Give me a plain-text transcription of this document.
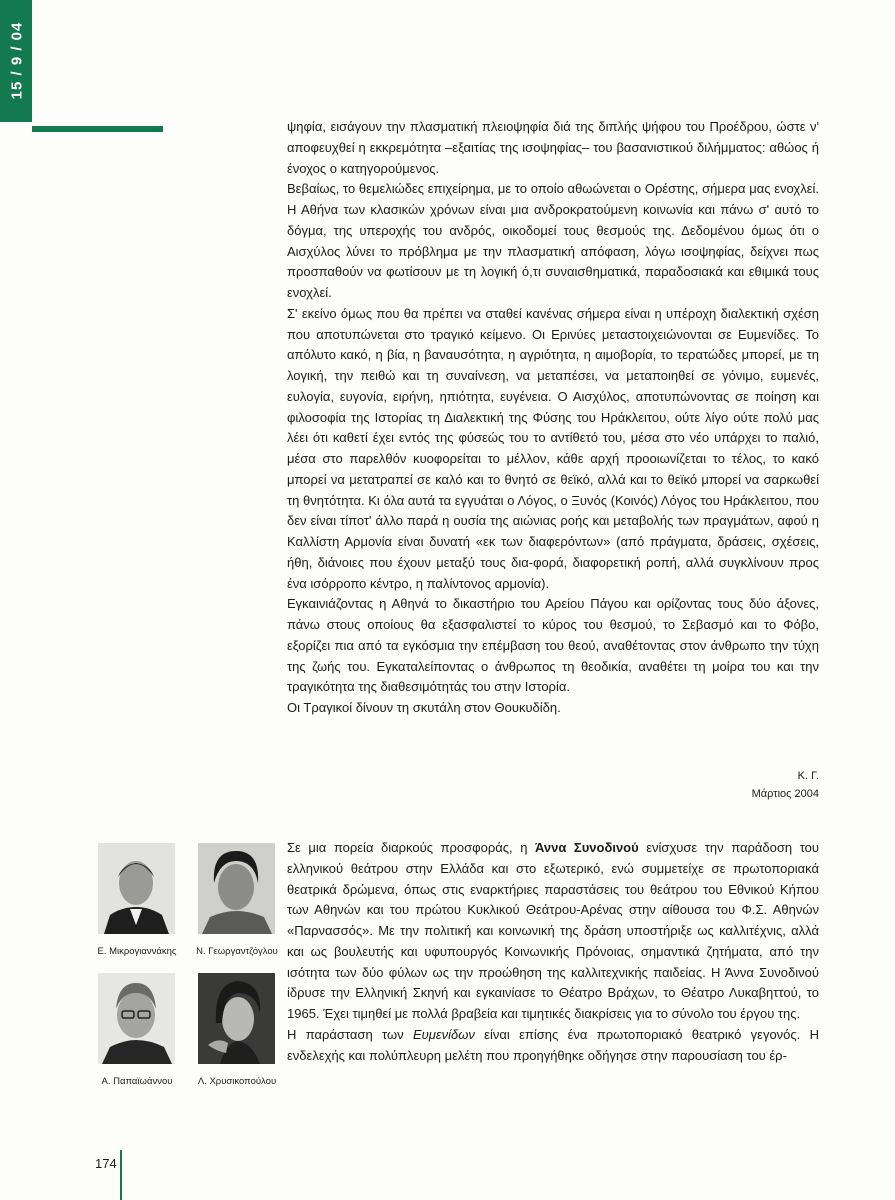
15 / 9 / 04

ψηφία, εισάγουν την πλασματική πλειοψηφία διά της διπλής ψήφου του Προέδρου, ώστε ν' αποφευχθεί η εκκρεμότητα –εξαιτίας της ισοψηφίας– του βασανιστικού διλήμματος: αθώος ή ένοχος ο κατηγορούμενος.

Βεβαίως, το θεμελιώδες επιχείρημα, με το οποίο αθωώνεται ο Ορέστης, σήμερα μας ενοχλεί. Η Αθήνα των κλασικών χρόνων είναι μια ανδροκρατούμενη κοινωνία και πάνω σ' αυτό το δόγμα, της υπεροχής του ανδρός, οικοδομεί τους θεσμούς της. Δεδομένου όμως ότι ο Αισχύλος λύνει το πρόβλημα με την πλασματική απόφαση, λόγω ισοψηφίας, δείχνει πως προσπαθούν να φωτίσουν με τη λογική ό,τι συναισθηματικά, παραδοσιακά και εθιμικά τους ενοχλεί.

Σ' εκείνο όμως που θα πρέπει να σταθεί κανένας σήμερα είναι η υπέροχη διαλεκτική σχέση που αποτυπώνεται στο τραγικό κείμενο. Οι Ερινύες μεταστοιχειώνονται σε Ευμενίδες. Το απόλυτο κακό, η βία, η βαναυσότητα, η αγριότητα, η αιμοβορία, το τερατώδες μπορεί, με τη λογική, την πειθώ και τη συναίνεση, να μεταπέσει, να μεταποιηθεί σε γόνιμο, ευμενές, ευλογία, ευγονία, ειρήνη, ηπιότητα, ευγένεια. Ο Αισχύλος, αποτυπώνοντας σε ποίηση και φιλοσοφία της Ιστορίας τη Διαλεκτική της Φύσης του Ηράκλειτου, ούτε λίγο ούτε πολύ μας λέει ότι καθετί έχει εντός της φύσεώς του το αντίθετό του, μέσα στο νέο υπάρχει το παλιό, μέσα στο παρελθόν κυοφορείται το μέλλον, κάθε αρχή προοιωνίζεται το τέλος, το κακό μπορεί να μετατραπεί σε καλό και το θνητό σε θεϊκό, αλλά και το θεϊκό μπορεί να σαρκωθεί τη θνητότητα. Κι όλα αυτά τα εγγυάται ο Λόγος, ο Ξυνός (Κοινός) Λόγος του Ηράκλειτου, που δεν είναι τίποτ' άλλο παρά η ουσία της αιώνιας ροής και μεταβολής των πραγμάτων, αφού η Καλλίστη Αρμονία είναι δυνατή «εκ των διαφερόντων» (από πράγματα, δράσεις, σχέσεις, ήθη, διάνοιες που έχουν μεταξύ τους δια-φορά, διαφορετική ροπή, αλλά συγκλίνουν προς ένα ισόρροπο κέντρο, η παλίντονος αρμονία).

Εγκαινιάζοντας η Αθηνά το δικαστήριο του Αρείου Πάγου και ορίζοντας τους δύο άξονες, πάνω στους οποίους θα εξασφαλιστεί το κύρος του θεσμού, το Σεβασμό και το Φόβο, εξορίζει πια από τα εγκόσμια την επέμβαση του θεού, αναθέτοντας στον άνθρωπο την τύχη της ζωής του. Εγκαταλείποντας ο άνθρωπος τη θεοδικία, αναθέτει τη μοίρα του και την τραγικότητα της διαθεσιμότητάς του στην Ιστορία.

Οι Τραγικοί δίνουν τη σκυτάλη στον Θουκυδίδη.

Κ. Γ.
Μάρτιος 2004
Ε. Μικρογιαννάκης	Ν. Γεωργαντζόγλου
Α. Παπαϊωάννου	Λ. Χρυσικοπούλου

Σε μια πορεία διαρκούς προσφοράς, η Άννα Συνοδινού ενίσχυσε την παράδοση του ελληνικού θεάτρου στην Ελλάδα και στο εξωτερικό, ενώ συμμετείχε σε πρωτοποριακά θεατρικά δρώμενα, όπως στις εναρκτήριες παραστάσεις του θεάτρου του Εθνικού Κήπου των Αθηνών και του πρώτου Κυκλικού Θεάτρου-Αρένας στην αίθουσα του Φ.Σ. Αθηνών «Παρνασσός». Με την πολιτική και κοινωνική της δράση υποστήριξε ως καλλιτέχνις, αλλά και ως βουλευτής και υφυπουργός Κοινωνικής Πρόνοιας, σημαντικά ζητήματα, από την ισότητα των δύο φύλων ως την προώθηση της καλλιτεχνικής παιδείας. Η Άννα Συνοδινού ίδρυσε την Ελληνική Σκηνή και εγκαινίασε το Θέατρο Βράχων, το Θέατρο Λυκαβηττού, το 1965. Έχει τιμηθεί με πολλά βραβεία και τιμητικές διακρίσεις για το σύνολο του έργου της.

Η παράσταση των Ευμενίδων είναι επίσης ένα πρωτοποριακό θεατρικό γεγονός. Η ενδελεχής και πολύπλευρη μελέτη που προηγήθηκε οδήγησε στην παρουσίαση του έρ-

174
